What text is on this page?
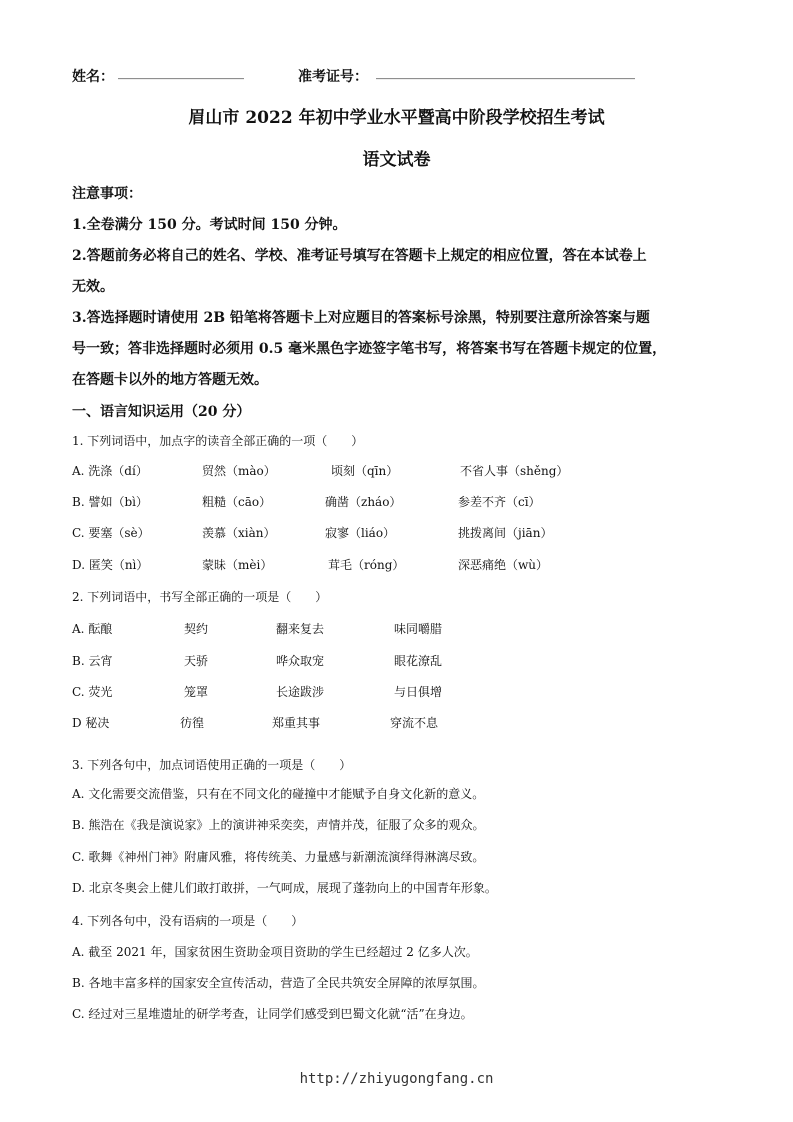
姓名： __________________	准考证号： _____________________________________
眉山市 2022 年初中学业水平暨高中阶段学校招生考试
语文试卷
注意事项：
1.全卷满分 150 分。考试时间 150 分钟。
2.答题前务必将自己的姓名、学校、准考证号填写在答题卡上规定的相应位置，答在本试卷上
无效。
3.答选择题时请使用 2B 铅笔将答题卡上对应题目的答案标号涂黑，特别要注意所涂答案与题
号一致；答非选择题时必须用 0.5 毫米黑色字迹签字笔书写，将答案书写在答题卡规定的位置，
在答题卡以外的地方答题无效。
一、语言知识运用（20 分）
1. 下列词语中，加点字的读音全部正确的一项（　　）
A. 洗涤（dí）	贸然（mào）	顷刻（qīn）	不省人事（shěng）
B. 譬如（bì）	粗糙（cāo）	确凿（zháo）	参差不齐（cī）
C. 要塞（sè）	羡慕（xiàn）	寂寥（liáo）	挑拨离间（jiān）
D. 匿笑（nì）	蒙昧（mèi）	茸毛（róng）	深恶痛绝（wù）
2. 下列词语中，书写全部正确的一项是（　　）
A. 酝酿	契约	翻来复去	味同嚼腊
B. 云宵	天骄	哗众取宠	眼花潦乱
C. 荧光	笼罩	长途跋涉	与日俱增
D 秘决	彷徨	郑重其事	穿流不息
3. 下列各句中，加点词语使用正确的一项是（　　）
A. 文化需要交流借鉴，只有在不同文化的碰撞中才能赋予自身文化新的意义。
B. 熊浩在《我是演说家》上的演讲神采奕奕，声情并茂，征服了众多的观众。
C. 歌舞《神州门神》附庸风雅，将传统美、力量感与新潮流演绎得淋漓尽致。
D. 北京冬奥会上健儿们敢打敢拼，一气呵成，展现了蓬勃向上的中国青年形象。
4. 下列各句中，没有语病的一项是（　　）
A. 截至 2021 年，国家贫困生资助金项目资助的学生已经超过 2 亿多人次。
B. 各地丰富多样的国家安全宣传活动，营造了全民共筑安全屏障的浓厚氛围。
C. 经过对三星堆遗址的研学考查，让同学们感受到巴蜀文化就“活”在身边。
http://zhiyugongfang.cn
